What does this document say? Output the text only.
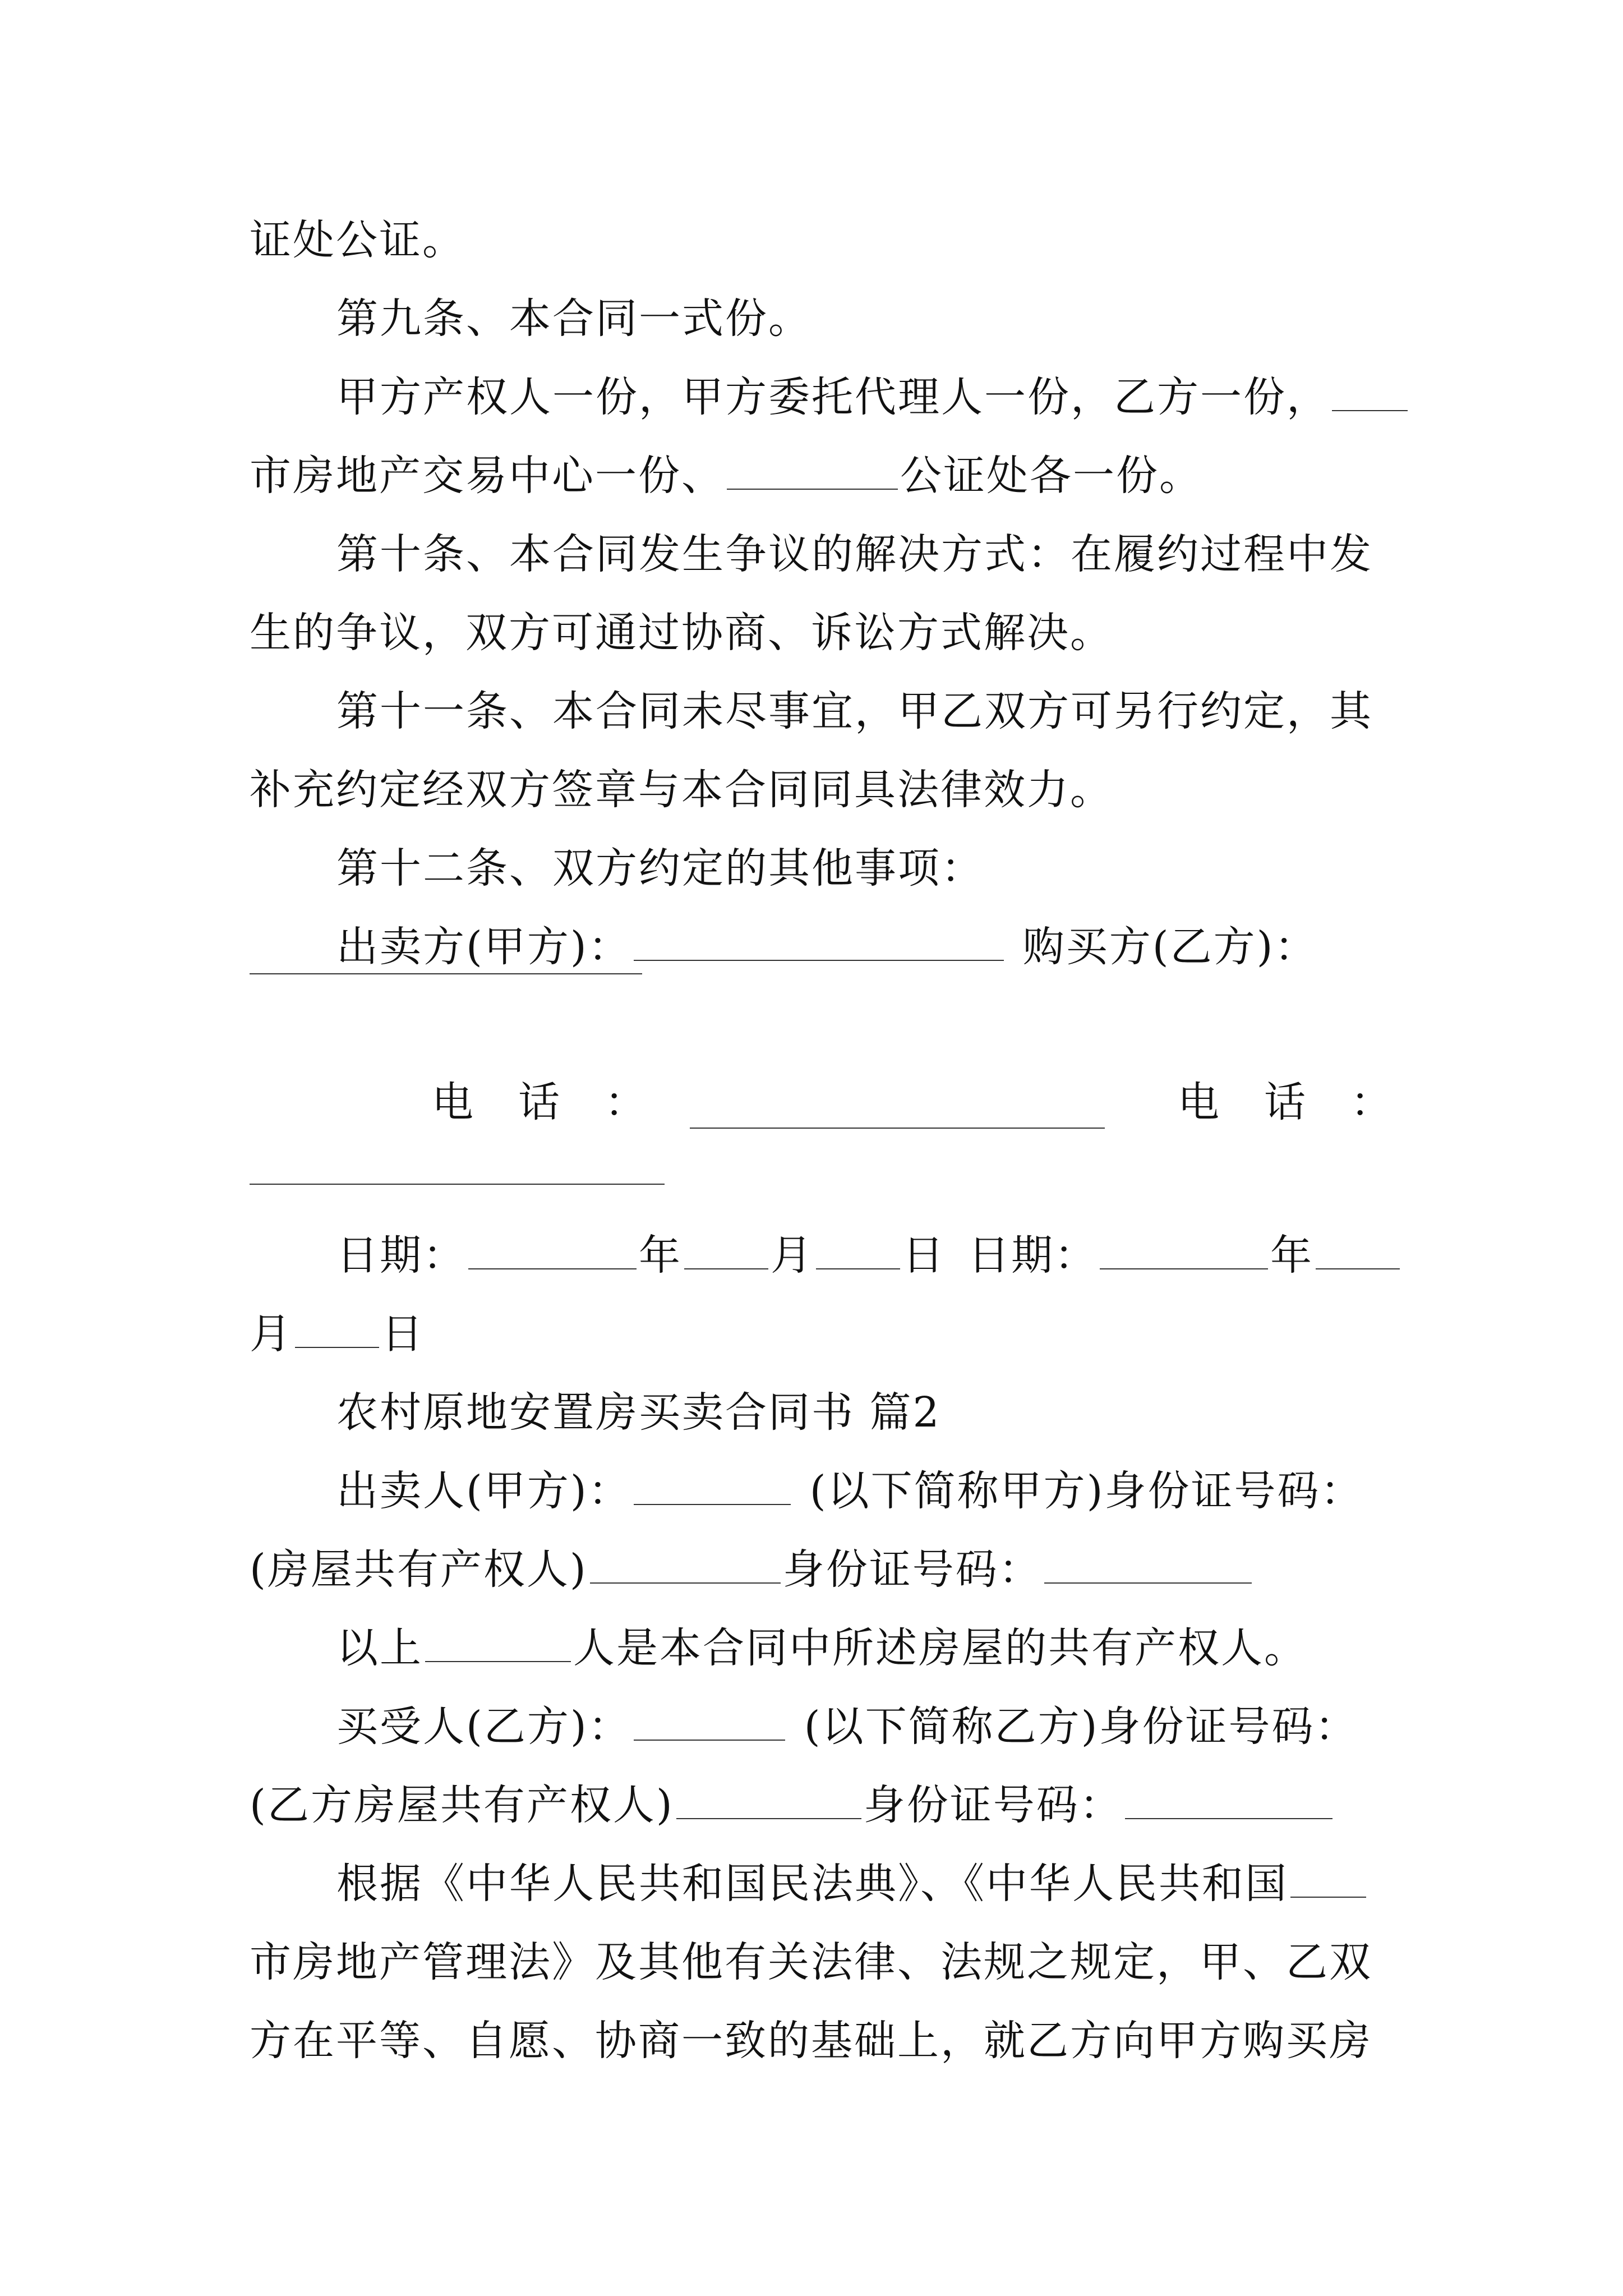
证处公证。
第九条、本合同一式份。
甲方产权人一份，甲方委托代理人一份，乙方一份，
市房地产交易中心一份、	公证处各一份。
第十条、本合同发生争议的解决方式：在履约过程中发
生的争议，双方可通过协商、诉讼方式解决。
第十一条、本合同未尽事宜，甲乙双方可另行约定，其
补充约定经双方签章与本合同同具法律效力。
第十二条、双方约定的其他事项：
出卖方(甲方)：	购买方(乙方)：
电　话　：	电　话　：
日期：	年 月 日 日期：	年
月 日
农村原地安置房买卖合同书 篇2
出卖人(甲方)：	(以下简称甲方)身份证号码：
(房屋共有产权人)	身份证号码：
以上	人是本合同中所述房屋的共有产权人。
买受人(乙方)：	(以下简称乙方)身份证号码：
(乙方房屋共有产权人)	身份证号码：
根据《中华人民共和国民法典》、《中华人民共和国
市房地产管理法》及其他有关法律、法规之规定，甲、乙双
方在平等、自愿、协商一致的基础上，就乙方向甲方购买房
